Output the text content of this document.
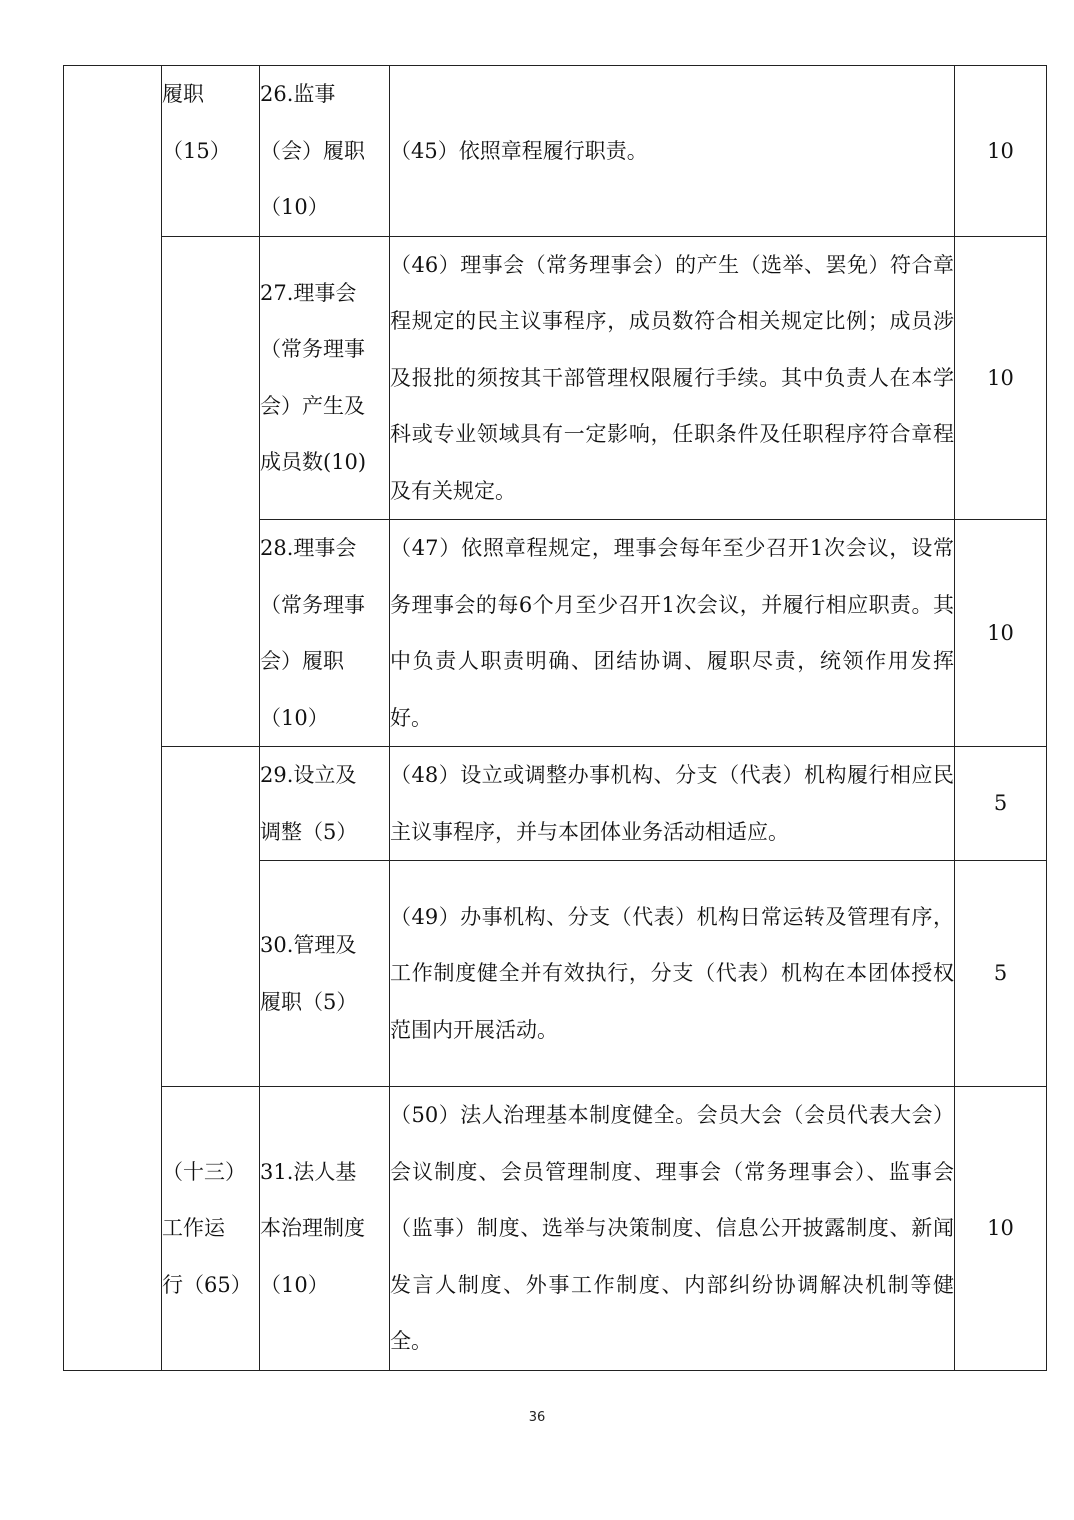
	履职
（15）	26.监事
（会）履职
（10）	（45）依照章程履行职责。	10

		27.理事会
（常务理事
会）产生及
成员数(10)	（46）理事会（常务理事会）的产生（选举、罢免）符合章程规定的民主议事程序，成员数符合相关规定比例；成员涉及报批的须按其干部管理权限履行手续。其中负责人在本学科或专业领域具有一定影响，任职条件及任职程序符合章程及有关规定。	10

		28.理事会
（常务理事
会）履职
（10）	（47）依照章程规定，理事会每年至少召开1次会议，设常务理事会的每6个月至少召开1次会议，并履行相应职责。其中负责人职责明确、团结协调、履职尽责，统领作用发挥好。	10

		29.设立及
调整（5）	（48）设立或调整办事机构、分支（代表）机构履行相应民主议事程序，并与本团体业务活动相适应。	5

		30.管理及
履职（5）	（49）办事机构、分支（代表）机构日常运转及管理有序，工作制度健全并有效执行，分支（代表）机构在本团体授权范围内开展活动。	5

	（十三）
工作运
行（65）	31.法人基
本治理制度
（10）	（50）法人治理基本制度健全。会员大会（会员代表大会）会议制度、会员管理制度、理事会（常务理事会）、监事会（监事）制度、选举与决策制度、信息公开披露制度、新闻发言人制度、外事工作制度、内部纠纷协调解决机制等健全。	10
36
